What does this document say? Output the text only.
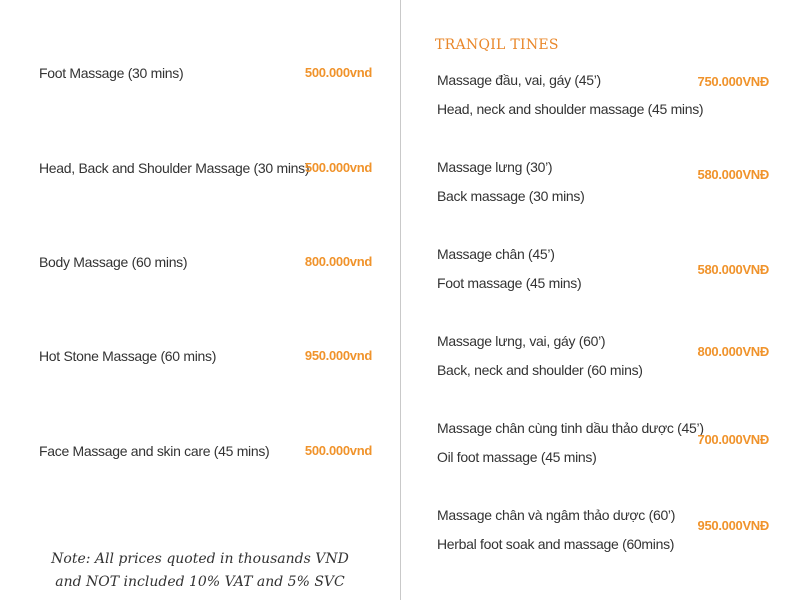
Foot Massage (30 mins)	500.000vnd
Head, Back and Shoulder Massage (30 mins)
500.000vnd
Body Massage (60 mins)	800.000vnd
Hot Stone Massage (60 mins)	950.000vnd
Face Massage and skin care (45 mins)	500.000vnd
Note: All prices quoted in thousands VND
and NOT included 10% VAT and 5% SVC
TRANQIL TINES
Massage đầu, vai, gáy (45’)
Head, neck and shoulder massage (45 mins)
750.000VNĐ
Massage lưng (30’)
Back massage (30 mins)
580.000VNĐ
Massage chân (45’)
Foot massage (45 mins)
580.000VNĐ
Massage lưng, vai, gáy (60’)
Back, neck and shoulder (60 mins)
800.000VNĐ
Massage chân cùng tinh dầu thảo dược (45’)
Oil foot massage (45 mins)
700.000VNĐ
Massage chân và ngâm thảo dược (60’)
Herbal foot soak and massage (60mins)
950.000VNĐ
